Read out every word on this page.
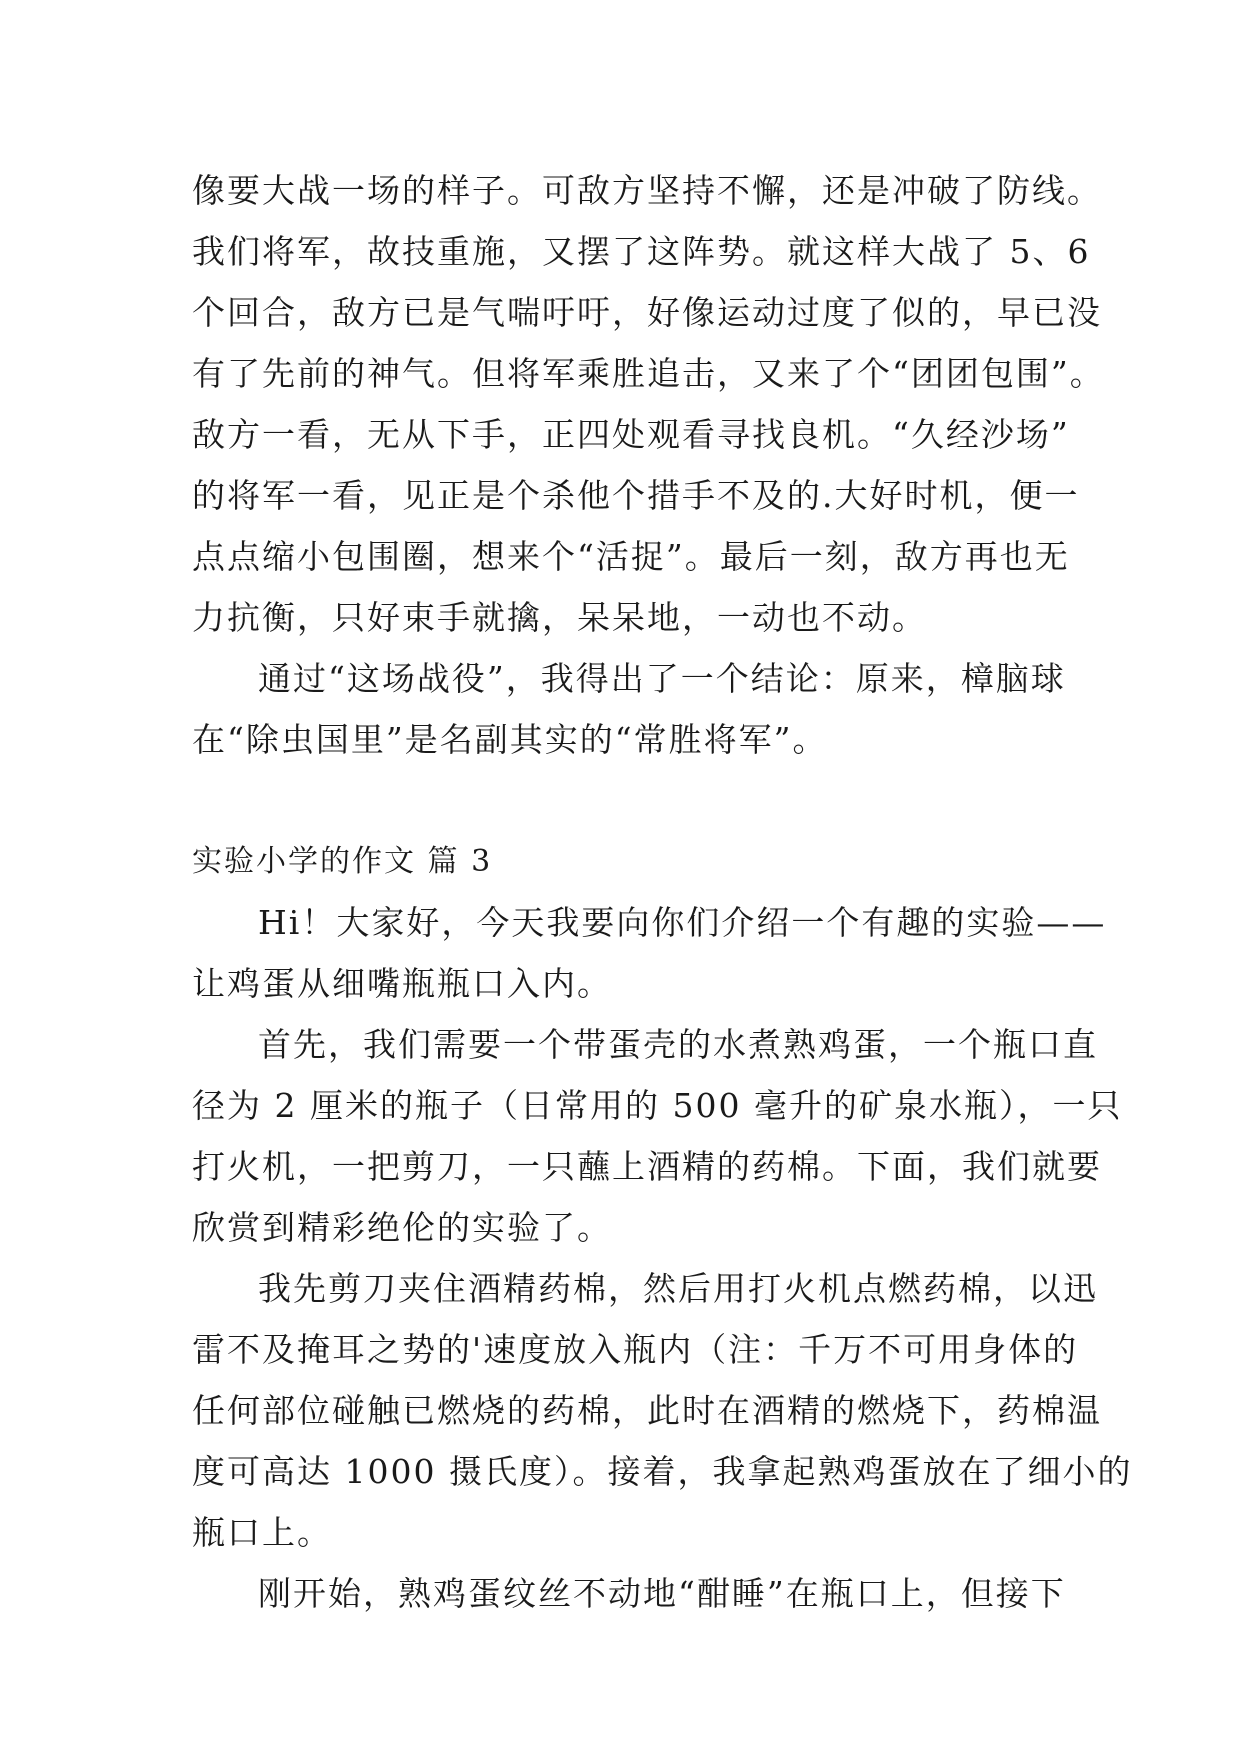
像要大战一场的样子。可敌方坚持不懈，还是冲破了防线。
我们将军，故技重施，又摆了这阵势。就这样大战了 5、6
个回合，敌方已是气喘吁吁，好像运动过度了似的，早已没
有了先前的神气。但将军乘胜追击，又来了个“团团包围”。
敌方一看，无从下手，正四处观看寻找良机。“久经沙场”
的将军一看，见正是个杀他个措手不及的.大好时机，便一
点点缩小包围圈，想来个“活捉”。最后一刻，敌方再也无
力抗衡，只好束手就擒，呆呆地，一动也不动。
通过“这场战役”，我得出了一个结论：原来，樟脑球
在“除虫国里”是名副其实的“常胜将军”。
实验小学的作文 篇 3
Hi！大家好，今天我要向你们介绍一个有趣的实验——
让鸡蛋从细嘴瓶瓶口入内。
首先，我们需要一个带蛋壳的水煮熟鸡蛋，一个瓶口直
径为 2 厘米的瓶子（日常用的 500 毫升的矿泉水瓶），一只
打火机，一把剪刀，一只蘸上酒精的药棉。下面，我们就要
欣赏到精彩绝伦的实验了。
我先剪刀夹住酒精药棉，然后用打火机点燃药棉，以迅
雷不及掩耳之势的'速度放入瓶内（注：千万不可用身体的
任何部位碰触已燃烧的药棉，此时在酒精的燃烧下，药棉温
度可高达 1000 摄氏度）。接着，我拿起熟鸡蛋放在了细小的
瓶口上。
刚开始，熟鸡蛋纹丝不动地“酣睡”在瓶口上，但接下
